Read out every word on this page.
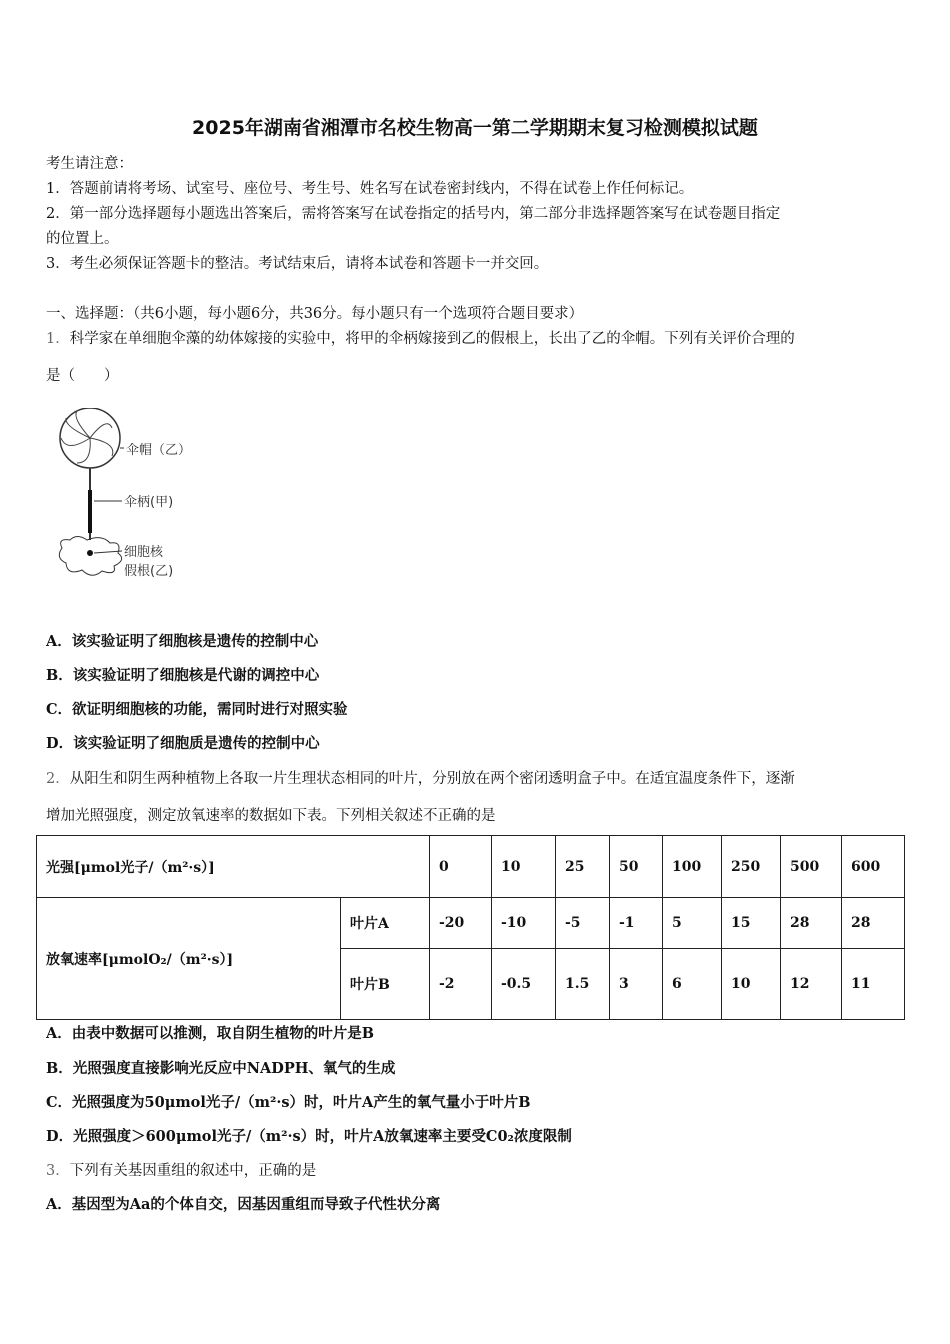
2025年湖南省湘潭市名校生物高一第二学期期末复习检测模拟试题
考生请注意：
1．答题前请将考场、试室号、座位号、考生号、姓名写在试卷密封线内，不得在试卷上作任何标记。
2．第一部分选择题每小题选出答案后，需将答案写在试卷指定的括号内，第二部分非选择题答案写在试卷题目指定
的位置上。
3．考生必须保证答题卡的整洁。考试结束后，请将本试卷和答题卡一并交回。
一、选择题：（共6小题，每小题6分，共36分。每小题只有一个选项符合题目要求）
1．科学家在单细胞伞藻的幼体嫁接的实验中，将甲的伞柄嫁接到乙的假根上，长出了乙的伞帽。下列有关评价合理的
是（　　）
伞帽（乙）
伞柄(甲)
细胞核
假根(乙)
A．该实验证明了细胞核是遗传的控制中心
B．该实验证明了细胞核是代谢的调控中心
C．欲证明细胞核的功能，需同时进行对照实验
D．该实验证明了细胞质是遗传的控制中心
2．从阳生和阴生两种植物上各取一片生理状态相同的叶片，分别放在两个密闭透明盒子中。在适宜温度条件下，逐渐
增加光照强度，测定放氧速率的数据如下表。下列相关叙述不正确的是
光强[μmol光子/（m²·s）]		0	10	25	50	100	250	500	600
放氧速率[μmolO₂/（m²·s）]	叶片A	-20	-10	-5	-1	5	15	28	28
	叶片B	-2	-0.5	1.5	3	6	10	12	11
A．由表中数据可以推测，取自阴生植物的叶片是B
B．光照强度直接影响光反应中NADPH、氧气的生成
C．光照强度为50μmol光子/（m²·s）时，叶片A产生的氧气量小于叶片B
D．光照强度＞600μmol光子/（m²·s）时，叶片A放氧速率主要受C0₂浓度限制
3．下列有关基因重组的叙述中，正确的是
A．基因型为Aa的个体自交，因基因重组而导致子代性状分离
